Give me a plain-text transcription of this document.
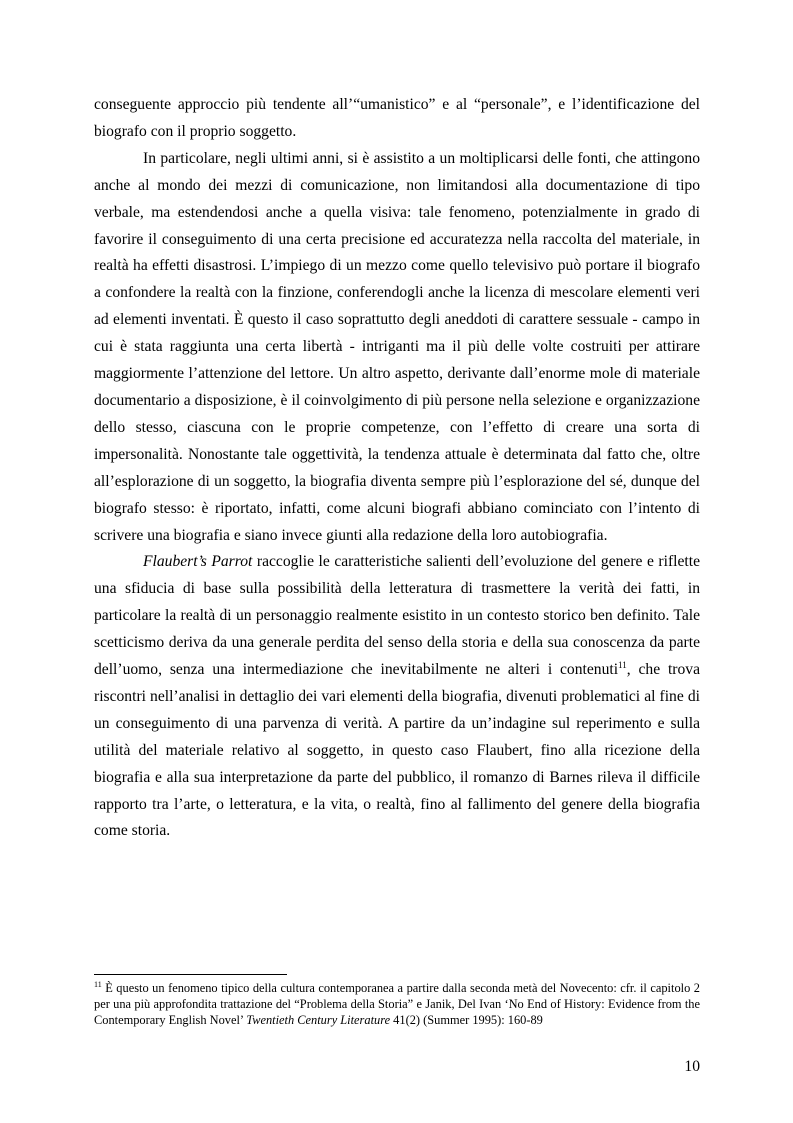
conseguente approccio più tendente all’“umanistico” e al “personale”, e l’identificazione del biografo con il proprio soggetto.

In particolare, negli ultimi anni, si è assistito a un moltiplicarsi delle fonti, che attingono anche al mondo dei mezzi di comunicazione, non limitandosi alla documentazione di tipo verbale, ma estendendosi anche a quella visiva: tale fenomeno, potenzialmente in grado di favorire il conseguimento di una certa precisione ed accuratezza nella raccolta del materiale, in realtà ha effetti disastrosi. L’impiego di un mezzo come quello televisivo può portare il biografo a confondere la realtà con la finzione, conferendogli anche la licenza di mescolare elementi veri ad elementi inventati. È questo il caso soprattutto degli aneddoti di carattere sessuale - campo in cui è stata raggiunta una certa libertà - intriganti ma il più delle volte costruiti per attirare maggiormente l’attenzione del lettore. Un altro aspetto, derivante dall’enorme mole di materiale documentario a disposizione, è il coinvolgimento di più persone nella selezione e organizzazione dello stesso, ciascuna con le proprie competenze, con l’effetto di creare una sorta di impersonalità. Nonostante tale oggettività, la tendenza attuale è determinata dal fatto che, oltre all’esplorazione di un soggetto, la biografia diventa sempre più l’esplorazione del sé, dunque del biografo stesso: è riportato, infatti, come alcuni biografi abbiano cominciato con l’intento di scrivere una biografia e siano invece giunti alla redazione della loro autobiografia.

Flaubert’s Parrot raccoglie le caratteristiche salienti dell’evoluzione del genere e riflette una sfiducia di base sulla possibilità della letteratura di trasmettere la verità dei fatti, in particolare la realtà di un personaggio realmente esistito in un contesto storico ben definito. Tale scetticismo deriva da una generale perdita del senso della storia e della sua conoscenza da parte dell’uomo, senza una intermediazione che inevitabilmente ne alteri i contenuti$^{11}$, che trova riscontri nell’analisi in dettaglio dei vari elementi della biografia, divenuti problematici al fine di un conseguimento di una parvenza di verità. A partire da un’indagine sul reperimento e sulla utilità del materiale relativo al soggetto, in questo caso Flaubert, fino alla ricezione della biografia e alla sua interpretazione da parte del pubblico, il romanzo di Barnes rileva il difficile rapporto tra l’arte, o letteratura, e la vita, o realtà, fino al fallimento del genere della biografia come storia.

$^{11}$ È questo un fenomeno tipico della cultura contemporanea a partire dalla seconda metà del Novecento: cfr. il capitolo 2 per una più approfondita trattazione del “Problema della Storia” e Janik, Del Ivan ‘No End of History: Evidence from the Contemporary English Novel’ Twentieth Century Literature 41(2) (Summer 1995): 160-89
10
